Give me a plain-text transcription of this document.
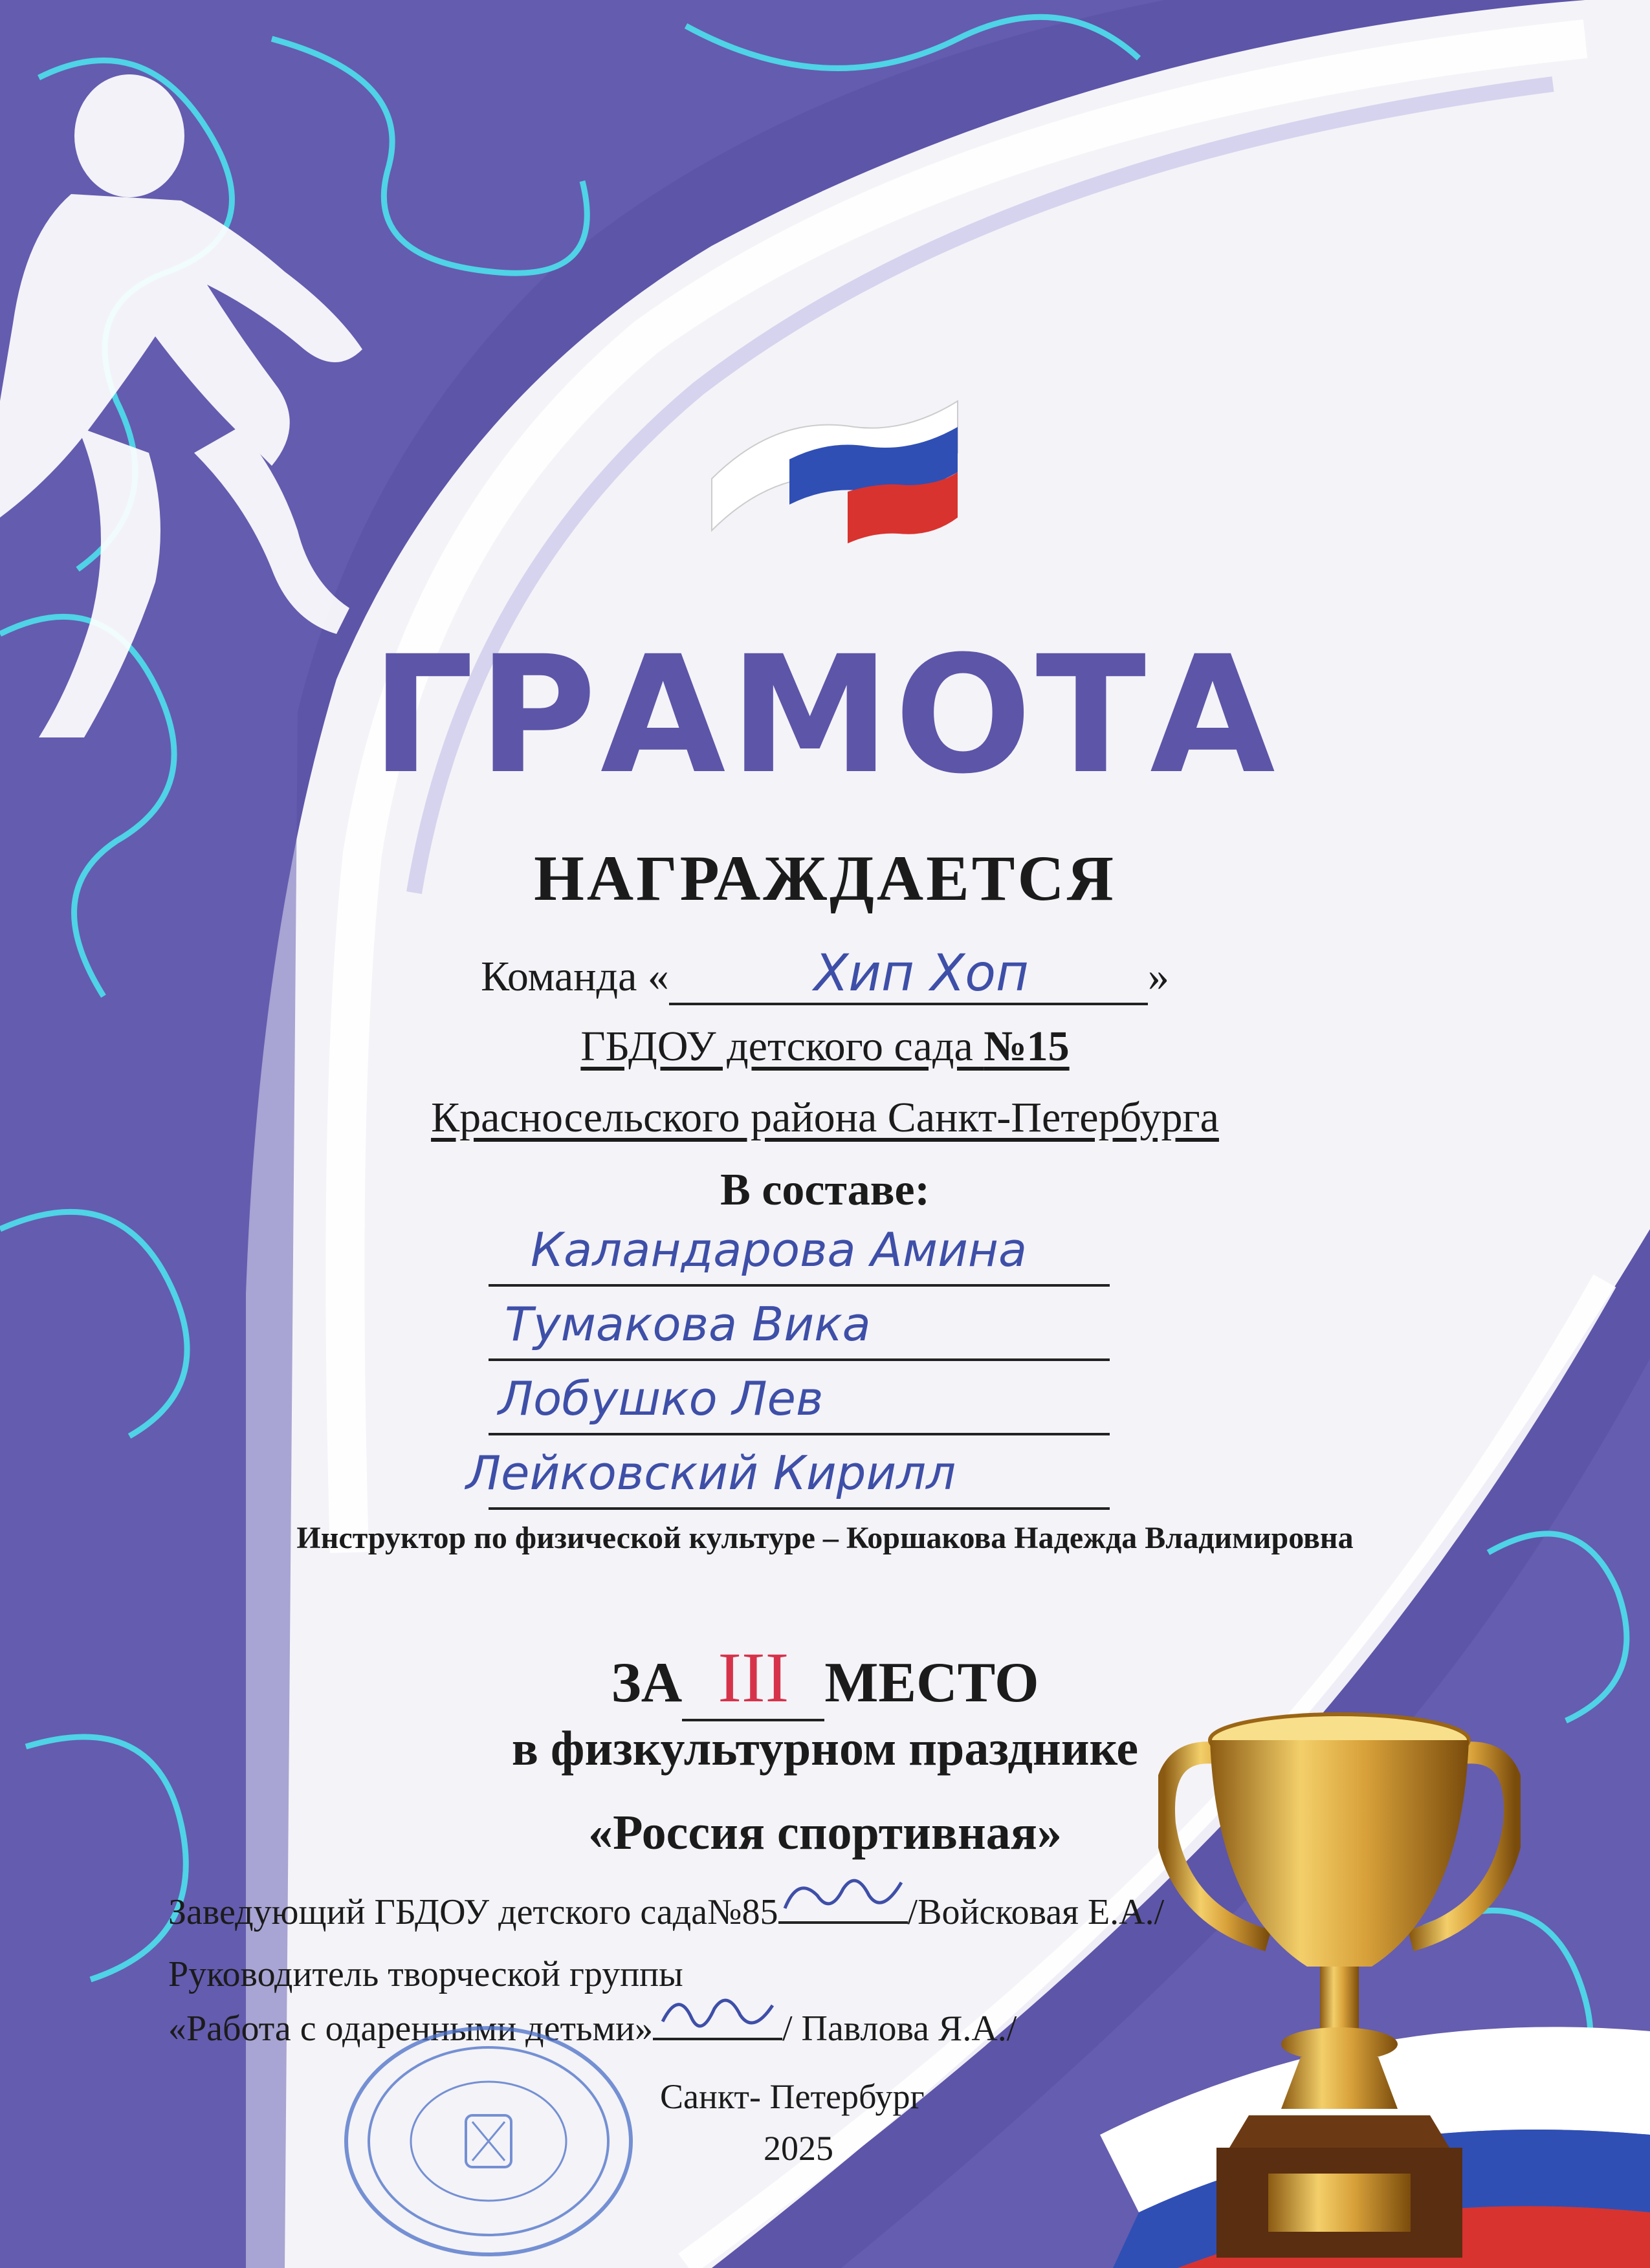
ГРАМОТА
НАГРАЖДАЕТСЯ
Команда «	Хип Хоп	»
ГБДОУ детского сада №15
Красносельского района Санкт-Петербурга
В составе:
Каландарова Амина
Тумакова Вика
Лобушко Лев
Лейковский Кирилл
Инструктор по физической культуре – Коршакова Надежда Владимировна
ЗА III МЕСТО
в физкультурном празднике
«Россия спортивная»
Заведующий ГБДОУ детского сада№85	/Войсковая Е.А./
Руководитель творческой группы
«Работа с одаренными детьми»	/ Павлова Я.А./
Санкт- Петербург
2025
